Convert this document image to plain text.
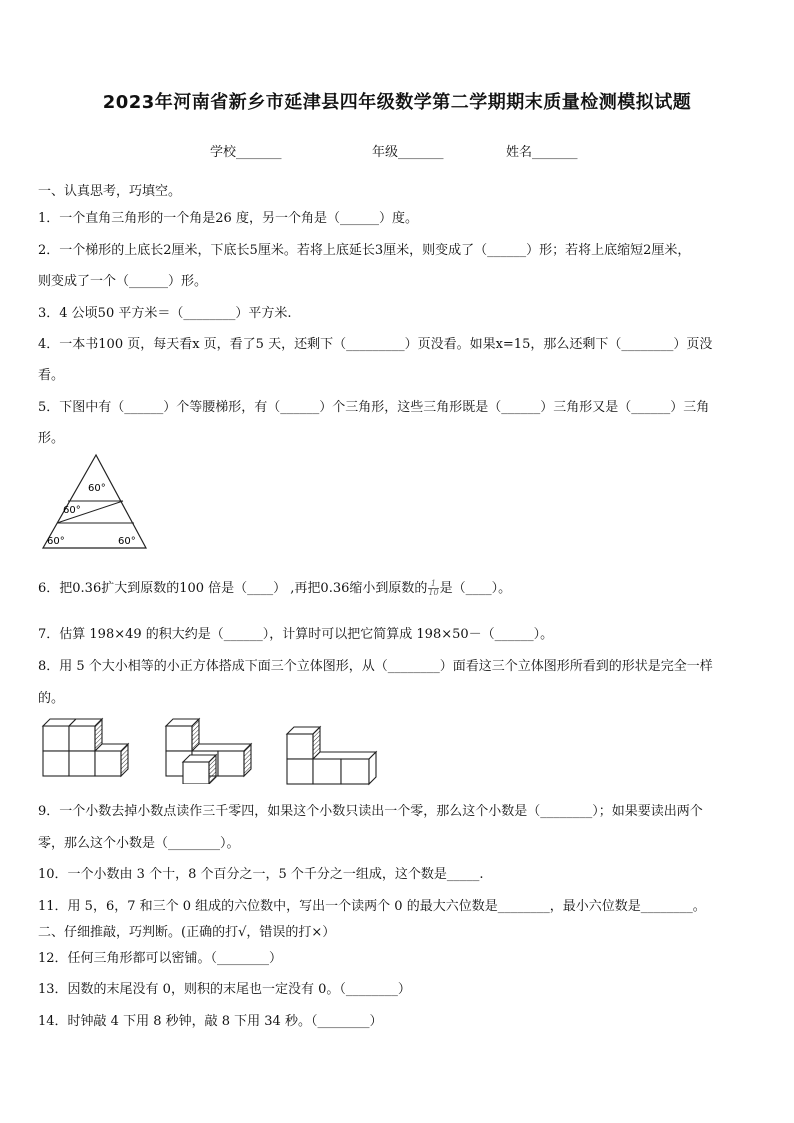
2023年河南省新乡市延津县四年级数学第二学期期末质量检测模拟试题
学校_______	年级_______	姓名_______
一、认真思考，巧填空。
1．一个直角三角形的一个角是26 度，另一个角是（______）度。
2．一个梯形的上底长2厘米，下底长5厘米。若将上底延长3厘米，则变成了（______）形；若将上底缩短2厘米，
则变成了一个（______）形。
3．4 公顷50 平方米＝（________）平方米.
4．一本书100 页，每天看x 页，看了5 天，还剩下（_________）页没看。如果x=15，那么还剩下（________）页没
看。
5．下图中有（______）个等腰梯形，有（______）个三角形，这些三角形既是（______）三角形又是（______）三角
形。
60°
60°
60°	60°
6．把0.36扩大到原数的100 倍是（____） ,再把0.36缩小到原数的 $\frac{1}{10}$ 是（____）。
7．估算 198×49 的积大约是（______），计算时可以把它简算成 198×50－（______）。
8．用 5 个大小相等的小正方体搭成下面三个立体图形，从（________）面看这三个立体图形所看到的形状是完全一样
的。
9．一个小数去掉小数点读作三千零四，如果这个小数只读出一个零，那么这个小数是（________）；如果要读出两个
零，那么这个小数是（________）。
10．一个小数由 3 个十，8 个百分之一，5 个千分之一组成，这个数是_____.
11．用 5，6，7 和三个 0 组成的六位数中，写出一个读两个 0 的最大六位数是________，最小六位数是________。
二、仔细推敲，巧判断。(正确的打√，错误的打×）
12．任何三角形都可以密铺。（________）
13．因数的末尾没有 0，则积的末尾也一定没有 0。（________）
14．时钟敲 4 下用 8 秒钟，敲 8 下用 34 秒。（________）
